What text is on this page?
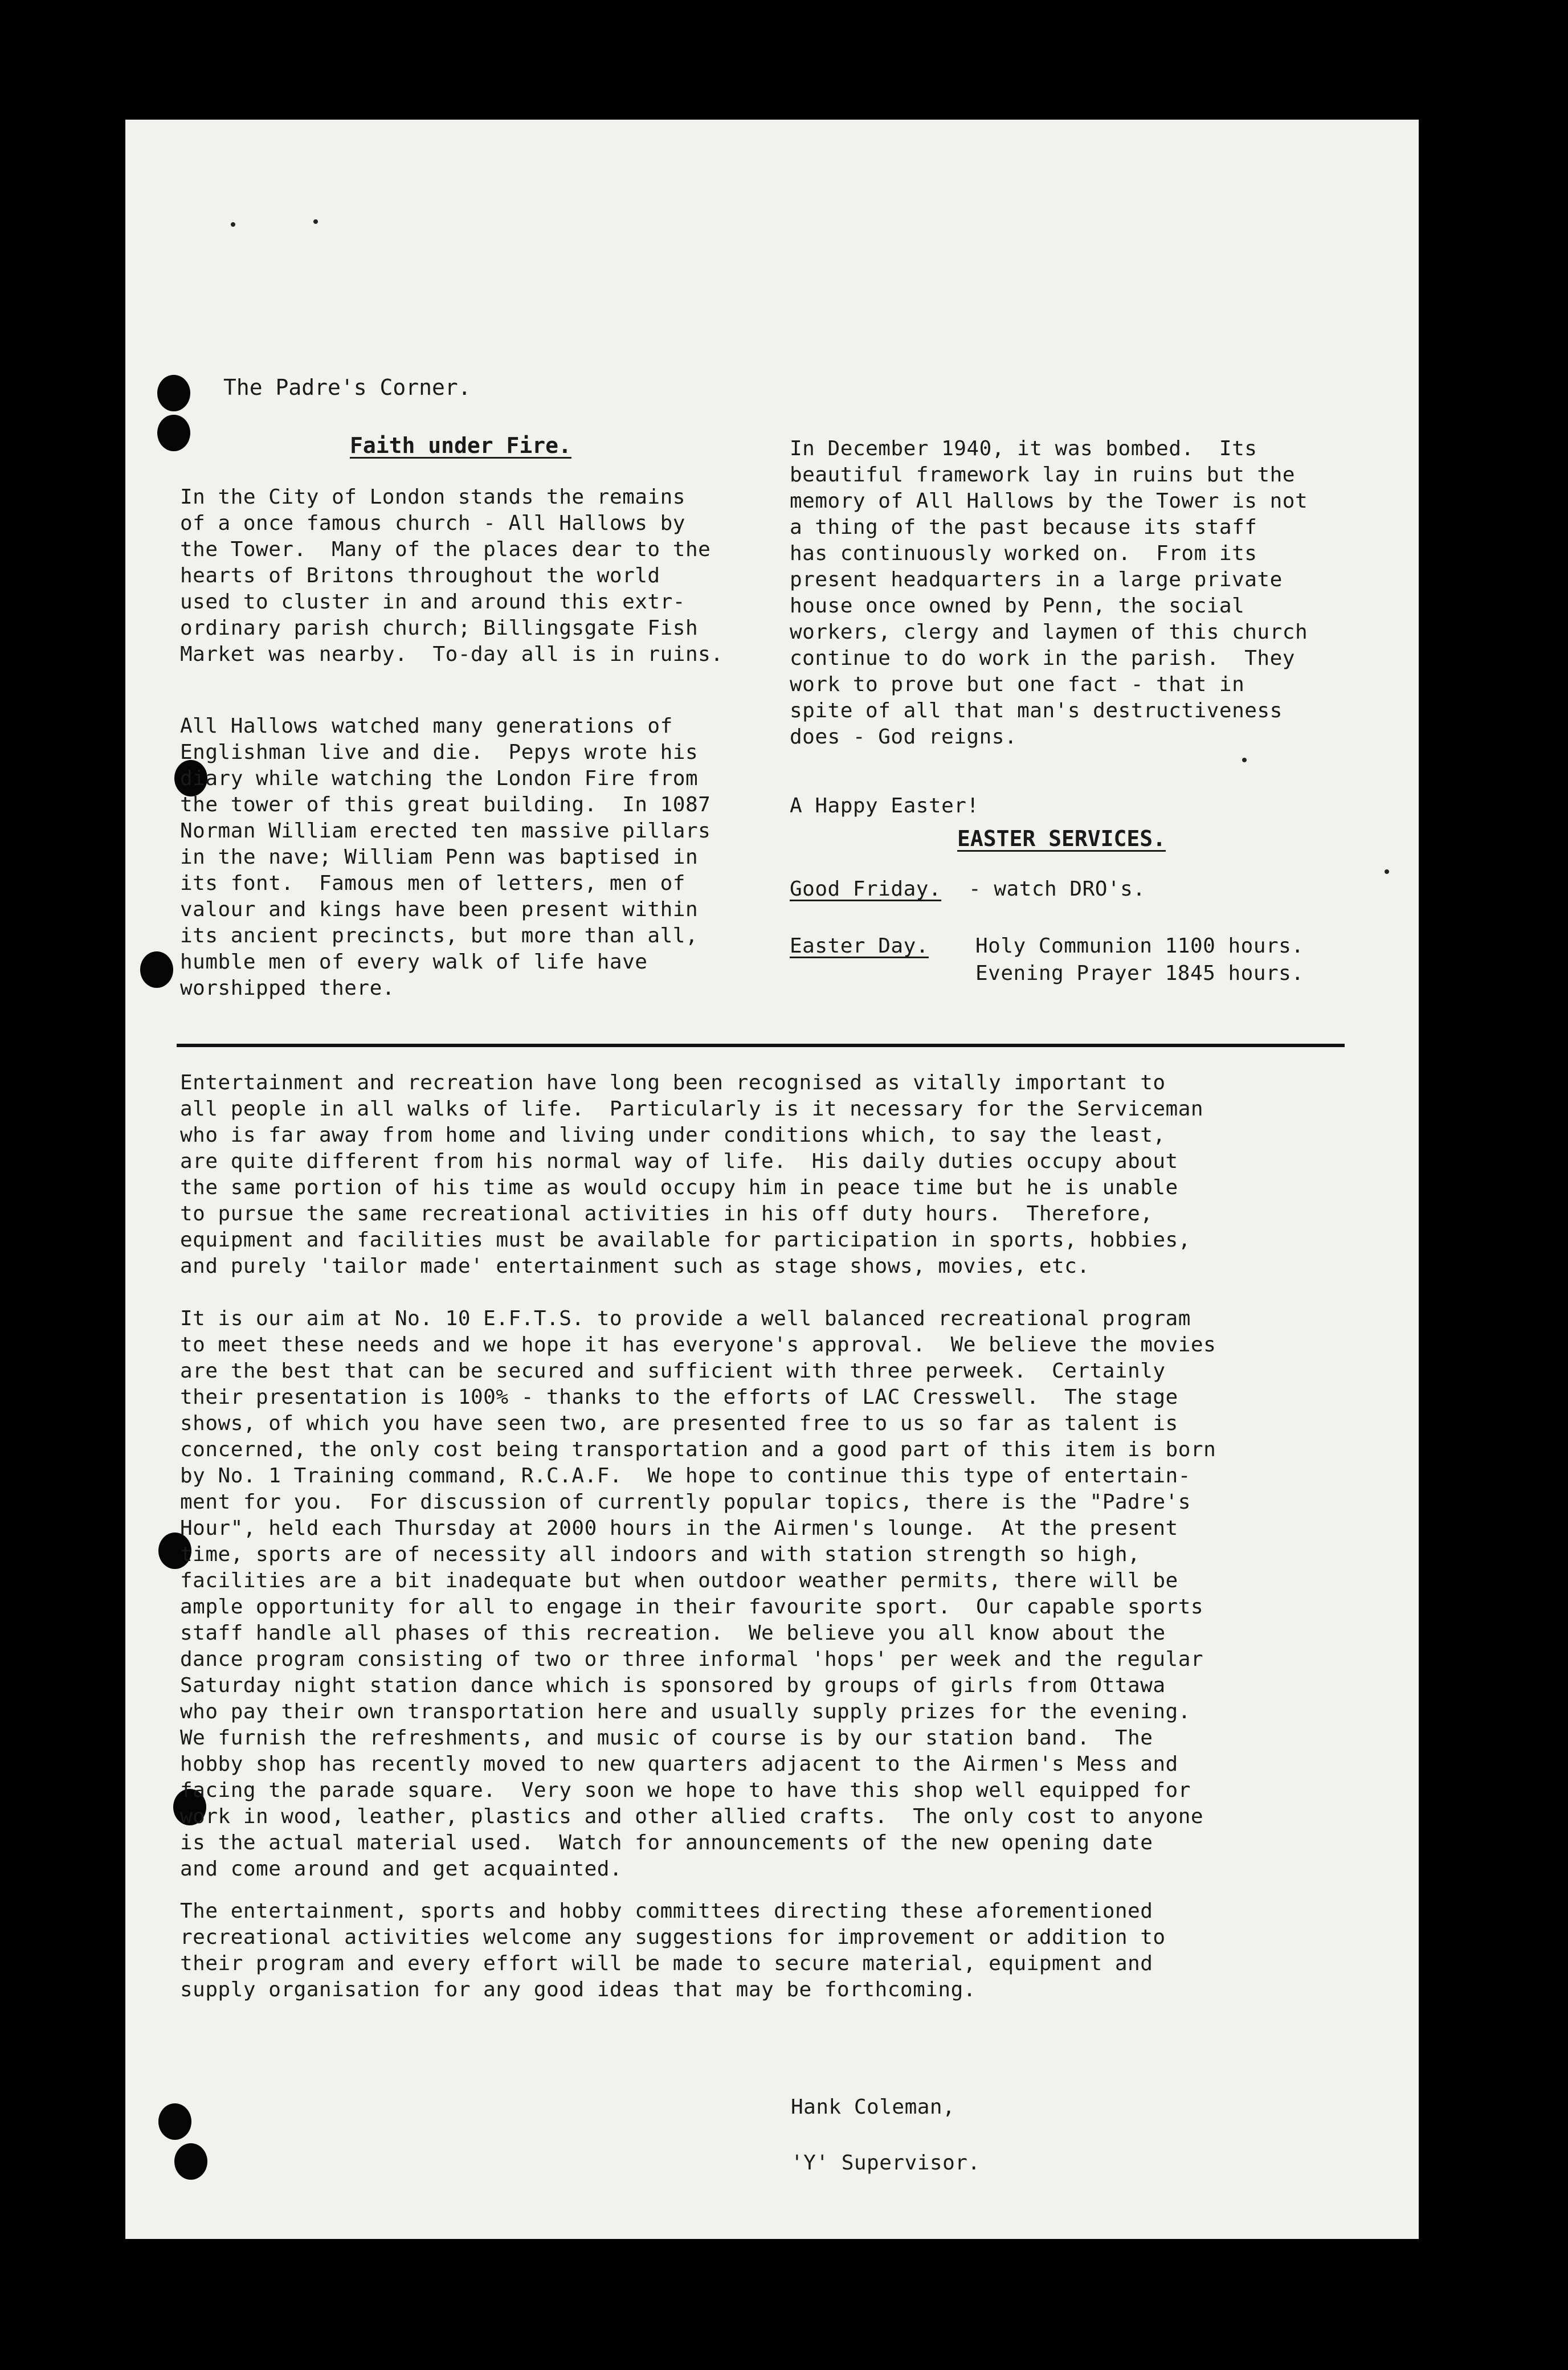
The Padre's Corner.
Faith under Fire.
In the City of London stands the remains
of a once famous church - All Hallows by
the Tower.  Many of the places dear to the
hearts of Britons throughout the world
used to cluster in and around this extr-
ordinary parish church; Billingsgate Fish
Market was nearby.  To-day all is in ruins.
All Hallows watched many generations of
Englishman live and die.  Pepys wrote his
diary while watching the London Fire from
the tower of this great building.  In 1087
Norman William erected ten massive pillars
in the nave; William Penn was baptised in
its font.  Famous men of letters, men of
valour and kings have been present within
its ancient precincts, but more than all,
humble men of every walk of life have
worshipped there.
In December 1940, it was bombed.  Its
beautiful framework lay in ruins but the
memory of All Hallows by the Tower is not
a thing of the past because its staff
has continuously worked on.  From its
present headquarters in a large private
house once owned by Penn, the social
workers, clergy and laymen of this church
continue to do work in the parish.  They
work to prove but one fact - that in
spite of all that man's destructiveness
does - God reigns.
A Happy Easter!
EASTER SERVICES.
Good Friday. - watch DRO's.
Easter Day. Holy Communion 1100 hours.
Evening Prayer 1845 hours.
Entertainment and recreation have long been recognised as vitally important to
all people in all walks of life.  Particularly is it necessary for the Serviceman
who is far away from home and living under conditions which, to say the least,
are quite different from his normal way of life.  His daily duties occupy about
the same portion of his time as would occupy him in peace time but he is unable
to pursue the same recreational activities in his off duty hours.  Therefore,
equipment and facilities must be available for participation in sports, hobbies,
and purely 'tailor made' entertainment such as stage shows, movies, etc.
It is our aim at No. 10 E.F.T.S. to provide a well balanced recreational program
to meet these needs and we hope it has everyone's approval.  We believe the movies
are the best that can be secured and sufficient with three perweek.  Certainly
their presentation is 100% - thanks to the efforts of LAC Cresswell.  The stage
shows, of which you have seen two, are presented free to us so far as talent is
concerned, the only cost being transportation and a good part of this item is born
by No. 1 Training command, R.C.A.F.  We hope to continue this type of entertain-
ment for you.  For discussion of currently popular topics, there is the "Padre's
Hour", held each Thursday at 2000 hours in the Airmen's lounge.  At the present
time, sports are of necessity all indoors and with station strength so high,
facilities are a bit inadequate but when outdoor weather permits, there will be
ample opportunity for all to engage in their favourite sport.  Our capable sports
staff handle all phases of this recreation.  We believe you all know about the
dance program consisting of two or three informal 'hops' per week and the regular
Saturday night station dance which is sponsored by groups of girls from Ottawa
who pay their own transportation here and usually supply prizes for the evening.
We furnish the refreshments, and music of course is by our station band.  The
hobby shop has recently moved to new quarters adjacent to the Airmen's Mess and
facing the parade square.  Very soon we hope to have this shop well equipped for
work in wood, leather, plastics and other allied crafts.  The only cost to anyone
is the actual material used.  Watch for announcements of the new opening date
and come around and get acquainted.
The entertainment, sports and hobby committees directing these aforementioned
recreational activities welcome any suggestions for improvement or addition to
their program and every effort will be made to secure material, equipment and
supply organisation for any good ideas that may be forthcoming.
Hank Coleman,
'Y' Supervisor.
